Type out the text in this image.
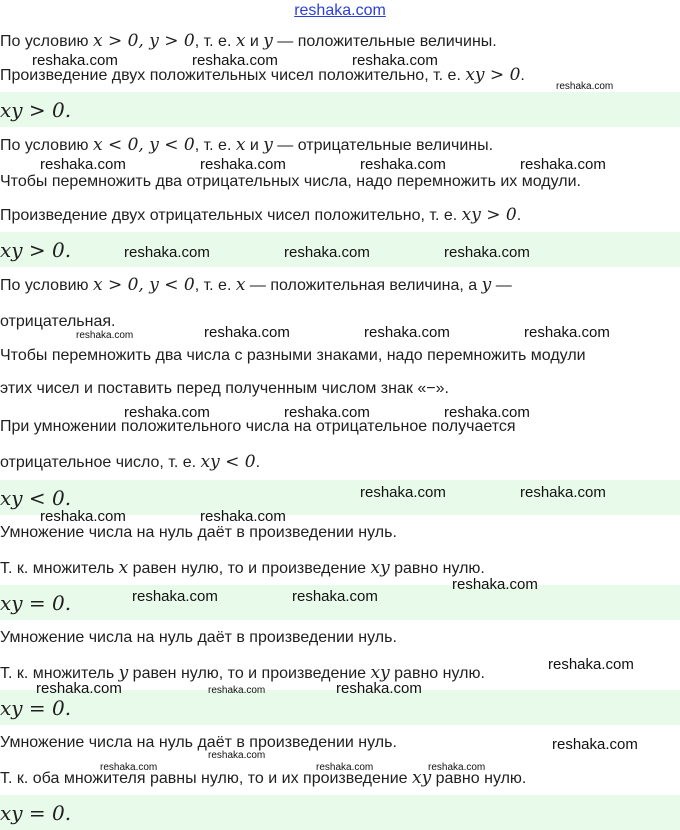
reshaka.com
По условию x > 0, y > 0, т. е. x и y — положительные величины.
Произведение двух положительных чисел положительно, т. е. xy > 0.
xy > 0.
По условию x < 0, y < 0, т. е. x и y — отрицательные величины.
Чтобы перемножить два отрицательных числа, надо перемножить их модули.
Произведение двух отрицательных чисел положительно, т. е. xy > 0.
xy > 0.
По условию x > 0, y < 0, т. е. x — положительная величина, а y —
отрицательная.
Чтобы перемножить два числа с разными знаками, надо перемножить модули
этих чисел и поставить перед полученным числом знак «−».
При умножении положительного числа на отрицательное получается
отрицательное число, т. е. xy < 0.
xy < 0.
Умножение числа на нуль даёт в произведении нуль.
Т. к. множитель x равен нулю, то и произведение xy равно нулю.
xy = 0.
Умножение числа на нуль даёт в произведении нуль.
Т. к. множитель y равен нулю, то и произведение xy равно нулю.
xy = 0.
Умножение числа на нуль даёт в произведении нуль.
Т. к. оба множителя равны нулю, то и их произведение xy равно нулю.
xy = 0.
reshaka.com	reshaka.com	reshaka.com
reshaka.com
reshaka.com	reshaka.com	reshaka.com	reshaka.com
reshaka.com	reshaka.com	reshaka.com
reshaka.com	reshaka.com	reshaka.com	reshaka.com
reshaka.com	reshaka.com	reshaka.com
reshaka.com	reshaka.com
reshaka.com	reshaka.com
reshaka.com
reshaka.com	reshaka.com
reshaka.com
reshaka.com	reshaka.com	reshaka.com
reshaka.com
reshaka.com
reshaka.com	reshaka.com	reshaka.com
